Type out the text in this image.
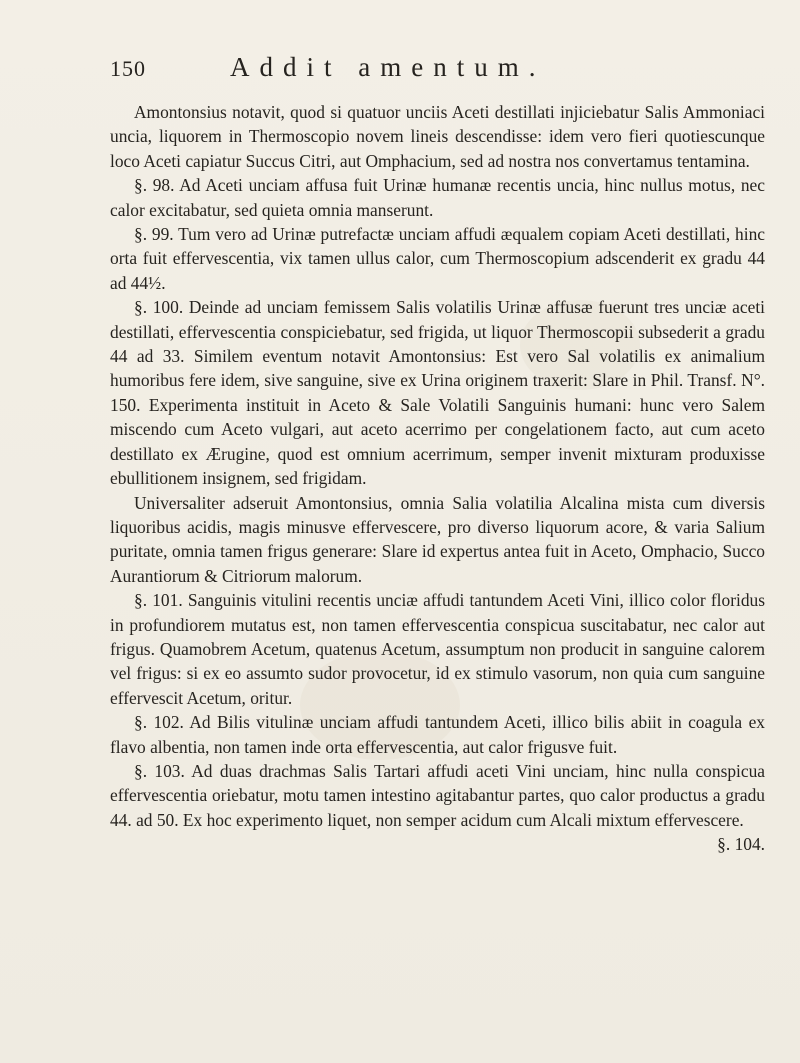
150	Addit amentum.

Amontonsius notavit, quod si quatuor unciis Aceti destillati injiciebatur Salis Ammoniaci uncia, liquorem in Thermoscopio novem lineis descendisse: idem vero fieri quotiescunque loco Aceti capiatur Succus Citri, aut Omphacium, sed ad nostra nos convertamus tentamina.

§. 98. Ad Aceti unciam affusa fuit Urinæ humanæ recentis uncia, hinc nullus motus, nec calor excitabatur, sed quieta omnia manserunt.

§. 99. Tum vero ad Urinæ putrefactæ unciam affudi æqualem copiam Aceti destillati, hinc orta fuit effervescentia, vix tamen ullus calor, cum Thermoscopium adscenderit ex gradu 44 ad 44½.

§. 100. Deinde ad unciam femissem Salis volatilis Urinæ affusæ fuerunt tres unciæ aceti destillati, effervescentia conspiciebatur, sed frigida, ut liquor Thermoscopii subsederit a gradu 44 ad 33. Similem eventum notavit Amontonsius: Est vero Sal volatilis ex animalium humoribus fere idem, sive sanguine, sive ex Urina originem traxerit: Slare in Phil. Transf. N°. 150. Experimenta instituit in Aceto & Sale Volatili Sanguinis humani: hunc vero Salem miscendo cum Aceto vulgari, aut aceto acerrimo per congelationem facto, aut cum aceto destillato ex Ærugine, quod est omnium acerrimum, semper invenit mixturam produxisse ebullitionem insignem, sed frigidam.

Universaliter adseruit Amontonsius, omnia Salia volatilia Alcalina mista cum diversis liquoribus acidis, magis minusve effervescere, pro diverso liquorum acore, & varia Salium puritate, omnia tamen frigus generare: Slare id expertus antea fuit in Aceto, Omphacio, Succo Aurantiorum & Citriorum malorum.

§. 101. Sanguinis vitulini recentis unciæ affudi tantundem Aceti Vini, illico color floridus in profundiorem mutatus est, non tamen effervescentia conspicua suscitabatur, nec calor aut frigus. Quamobrem Acetum, quatenus Acetum, assumptum non producit in sanguine calorem vel frigus: si ex eo assumto sudor provocetur, id ex stimulo vasorum, non quia cum sanguine effervescit Acetum, oritur.

§. 102. Ad Bilis vitulinæ unciam affudi tantundem Aceti, illico bilis abiit in coagula ex flavo albentia, non tamen inde orta effervescentia, aut calor frigusve fuit.

§. 103. Ad duas drachmas Salis Tartari affudi aceti Vini unciam, hinc nulla conspicua effervescentia oriebatur, motu tamen intestino agitabantur partes, quo calor productus a gradu 44. ad 50. Ex hoc experimento liquet, non semper acidum cum Alcali mixtum effervescere.

§. 104.
